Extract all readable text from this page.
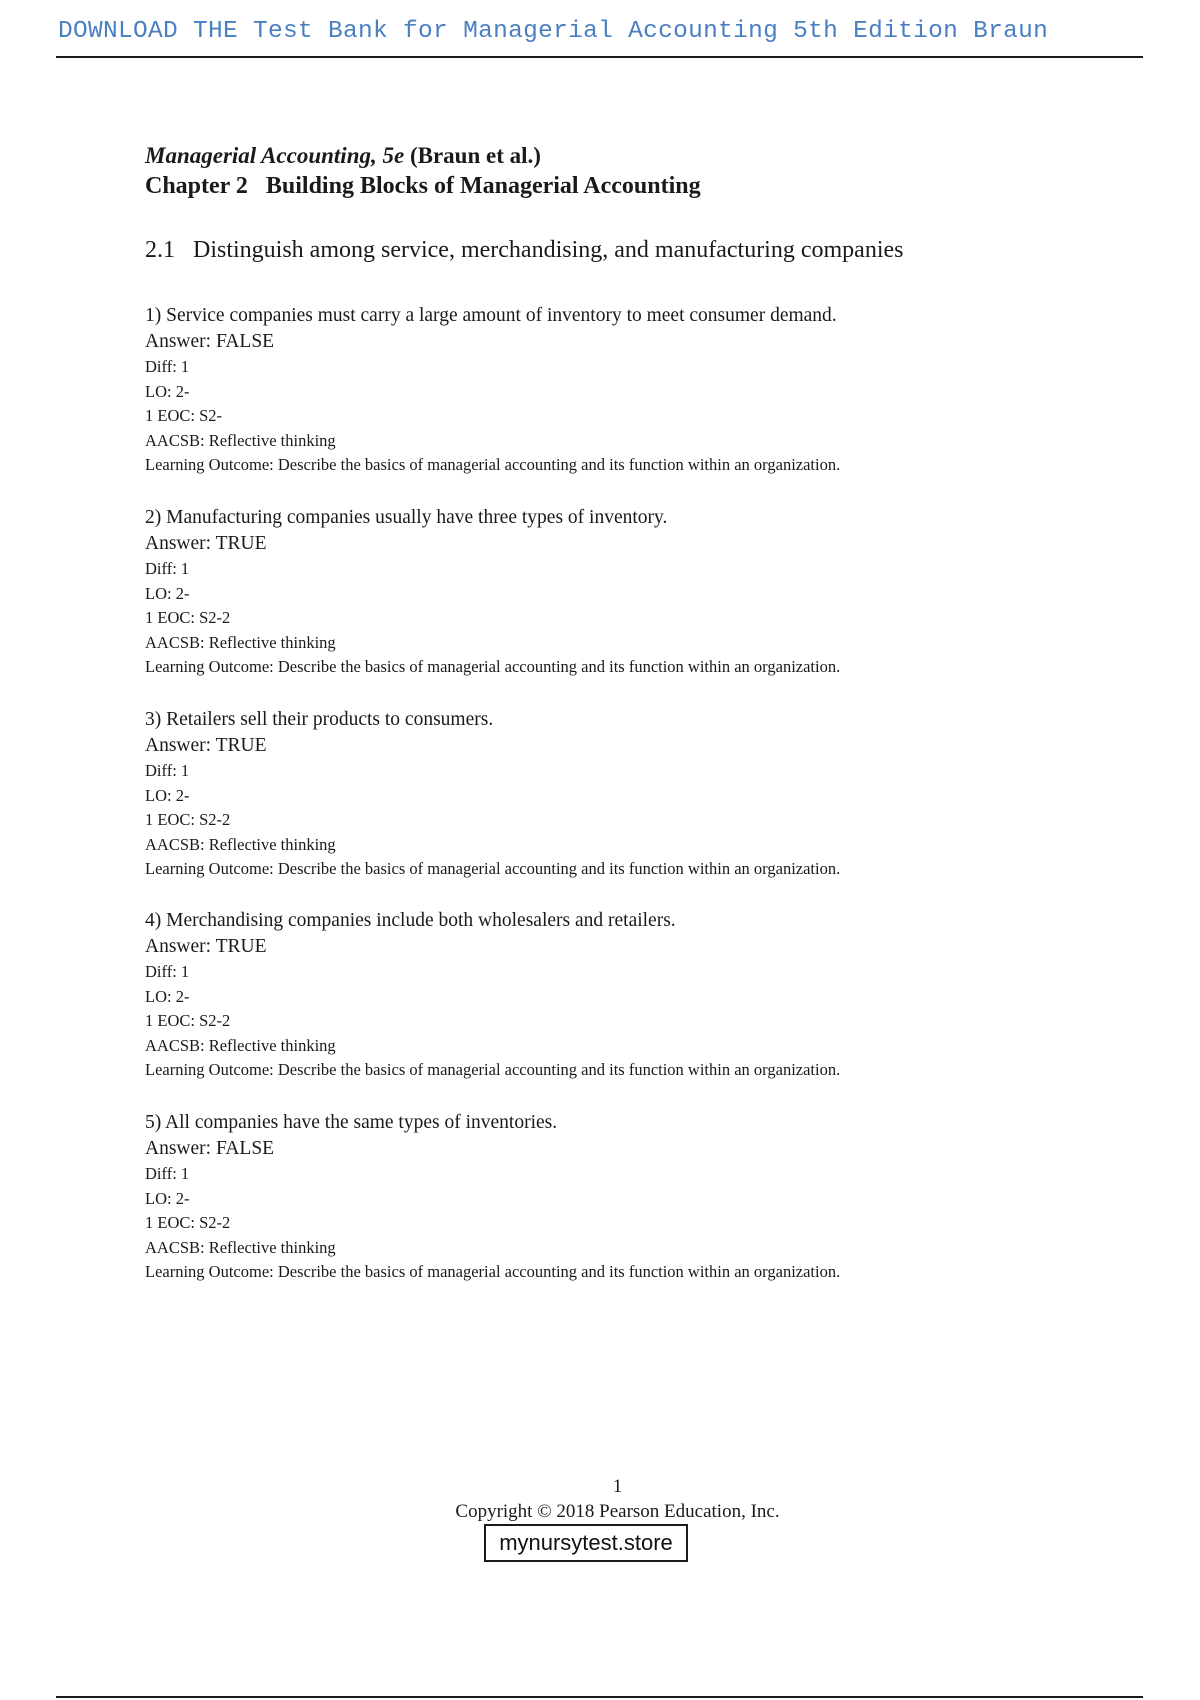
DOWNLOAD THE Test Bank for Managerial Accounting 5th Edition Braun
Managerial Accounting, 5e (Braun et al.)
Chapter 2   Building Blocks of Managerial Accounting
2.1 Distinguish among service, merchandising, and manufacturing companies
1) Service companies must carry a large amount of inventory to meet consumer demand.
Answer: FALSE
Diff: 1
LO: 2-
1 EOC: S2-
AACSB: Reflective thinking
Learning Outcome: Describe the basics of managerial accounting and its function within an organization.
2) Manufacturing companies usually have three types of inventory.
Answer: TRUE
Diff: 1
LO: 2-
1 EOC: S2-2
AACSB: Reflective thinking
Learning Outcome: Describe the basics of managerial accounting and its function within an organization.
3) Retailers sell their products to consumers.
Answer: TRUE
Diff: 1
LO: 2-
1 EOC: S2-2
AACSB: Reflective thinking
Learning Outcome: Describe the basics of managerial accounting and its function within an organization.
4) Merchandising companies include both wholesalers and retailers.
Answer: TRUE
Diff: 1
LO: 2-
1 EOC: S2-2
AACSB: Reflective thinking
Learning Outcome: Describe the basics of managerial accounting and its function within an organization.
5) All companies have the same types of inventories.
Answer: FALSE
Diff: 1
LO: 2-
1 EOC: S2-2
AACSB: Reflective thinking
Learning Outcome: Describe the basics of managerial accounting and its function within an organization.
1
Copyright © 2018 Pearson Education, Inc.
mynursytest.store
